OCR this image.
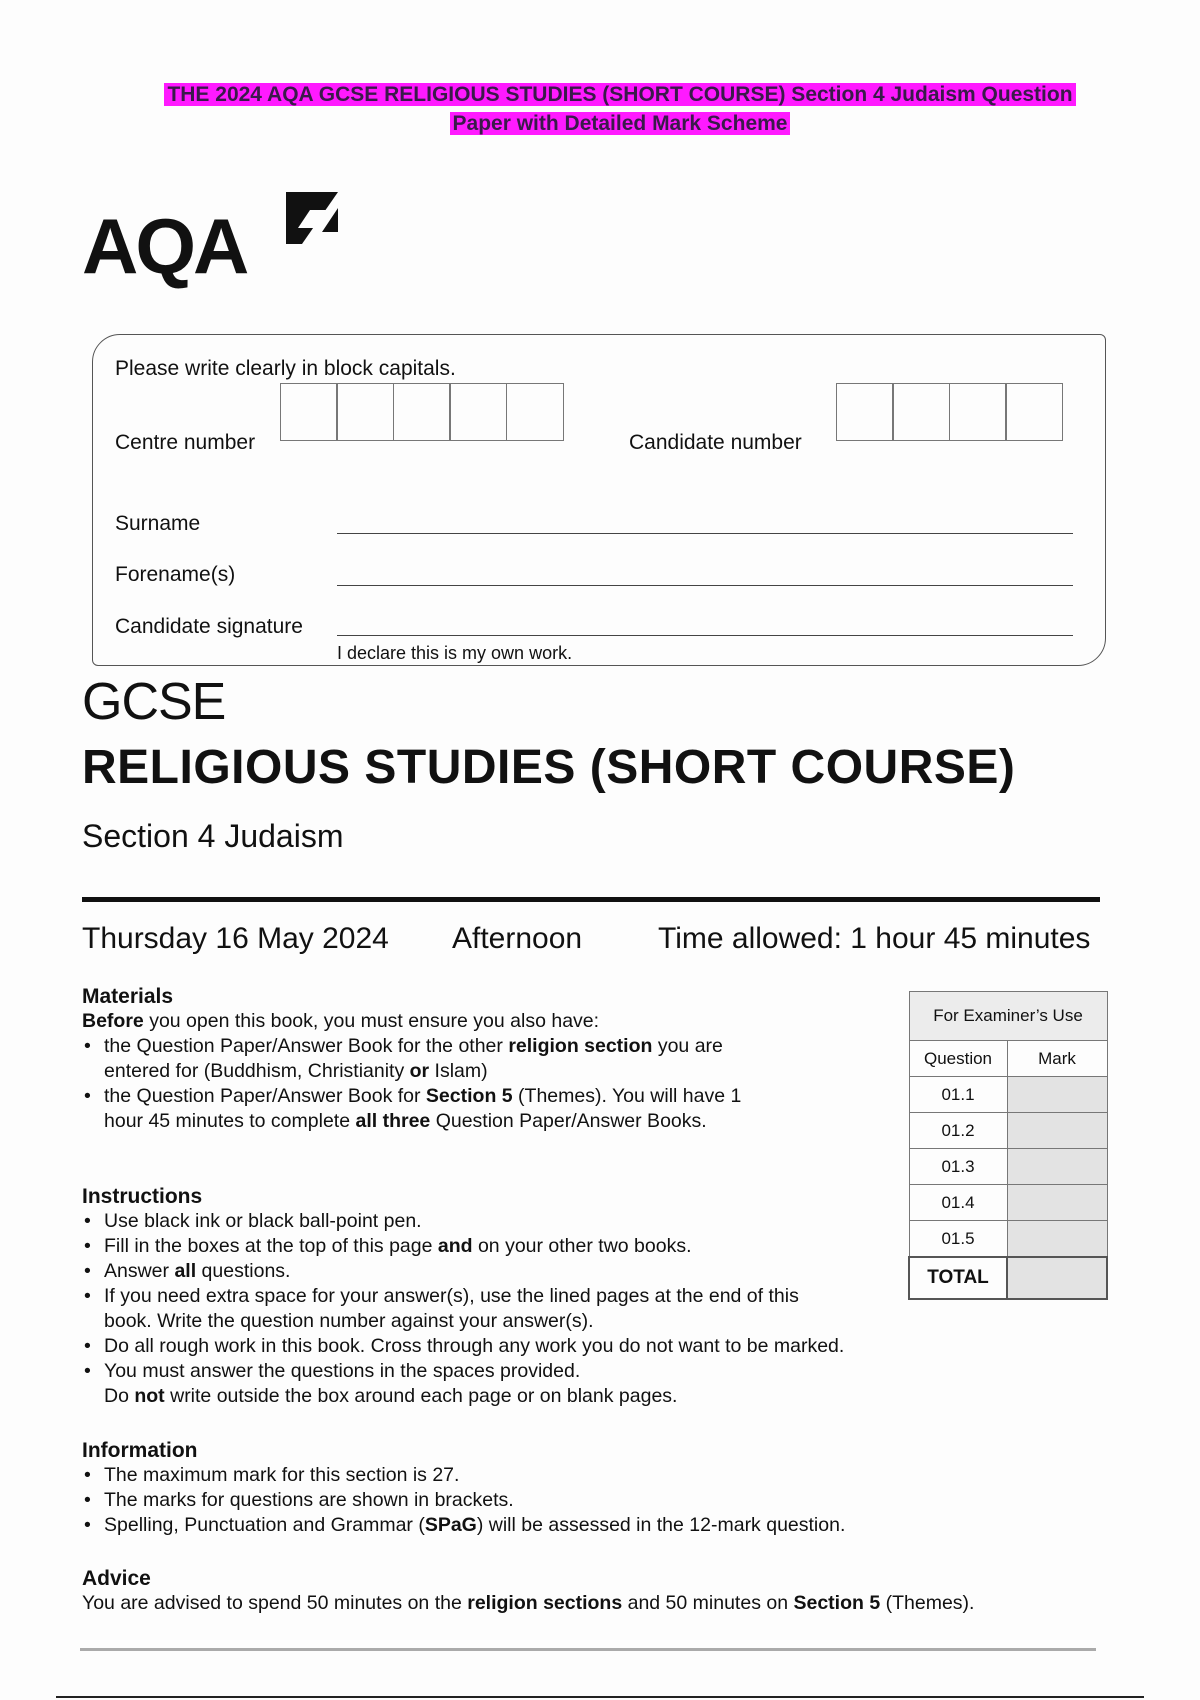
THE 2024 AQA GCSE RELIGIOUS STUDIES (SHORT COURSE) Section 4 Judaism Question
Paper with Detailed Mark Scheme
AQA
Please write clearly in block capitals.
Centre number	Candidate number
Surname
Forename(s)
Candidate signature
I declare this is my own work.
GCSE
RELIGIOUS STUDIES (SHORT COURSE)
Section 4 Judaism
Thursday 16 May 2024 Afternoon	Time allowed: 1 hour 45 minutes
Materials

Before you open this book, you must ensure you also have:

• the Question Paper/Answer Book for the other religion section you are entered for (Buddhism, Christianity or Islam)
• the Question Paper/Answer Book for Section 5 (Themes). You will have 1 hour 45 minutes to complete all three Question Paper/Answer Books.
Instructions
• Use black ink or black ball-point pen.
• Fill in the boxes at the top of this page and on your other two books.
• Answer all questions.
• If you need extra space for your answer(s), use the lined pages at the end of this book. Write the question number against your answer(s).
• Do all rough work in this book. Cross through any work you do not want to be marked.
• You must answer the questions in the spaces provided.
Do not write outside the box around each page or on blank pages.
Information
• The maximum mark for this section is 27.
• The marks for questions are shown in brackets.
• Spelling, Punctuation and Grammar (SPaG) will be assessed in the 12-mark question.
Advice

You are advised to spend 50 minutes on the religion sections and 50 minutes on Section 5 (Themes).

For Examiner’s Use	
Question	Mark
01.1	
01.2	
01.3	
01.4	
01.5	
TOTAL	
